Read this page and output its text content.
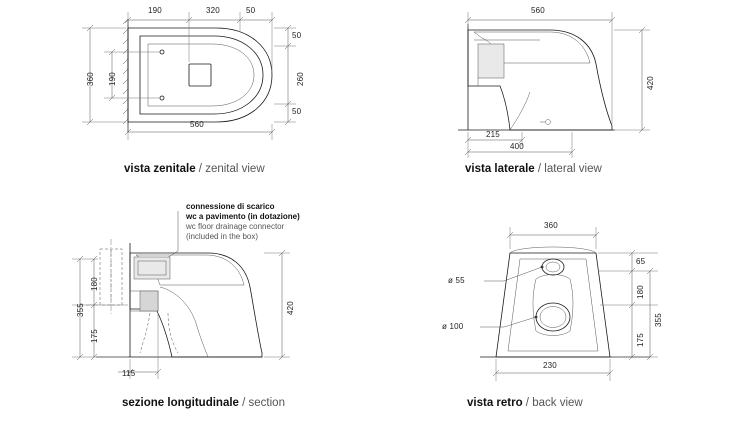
190	320	50
50
260
50
360 190
560
vista zenitale / zenital view
560
420
215
400
vista laterale / lateral view
connessione di scarico
wc a pavimento (in dotazione)
wc floor drainage connector
(included in the box)
355
180
175
420
115
sezione longitudinale / section
360
65
180
175
355
230
ø 55
ø 100
vista retro / back view
